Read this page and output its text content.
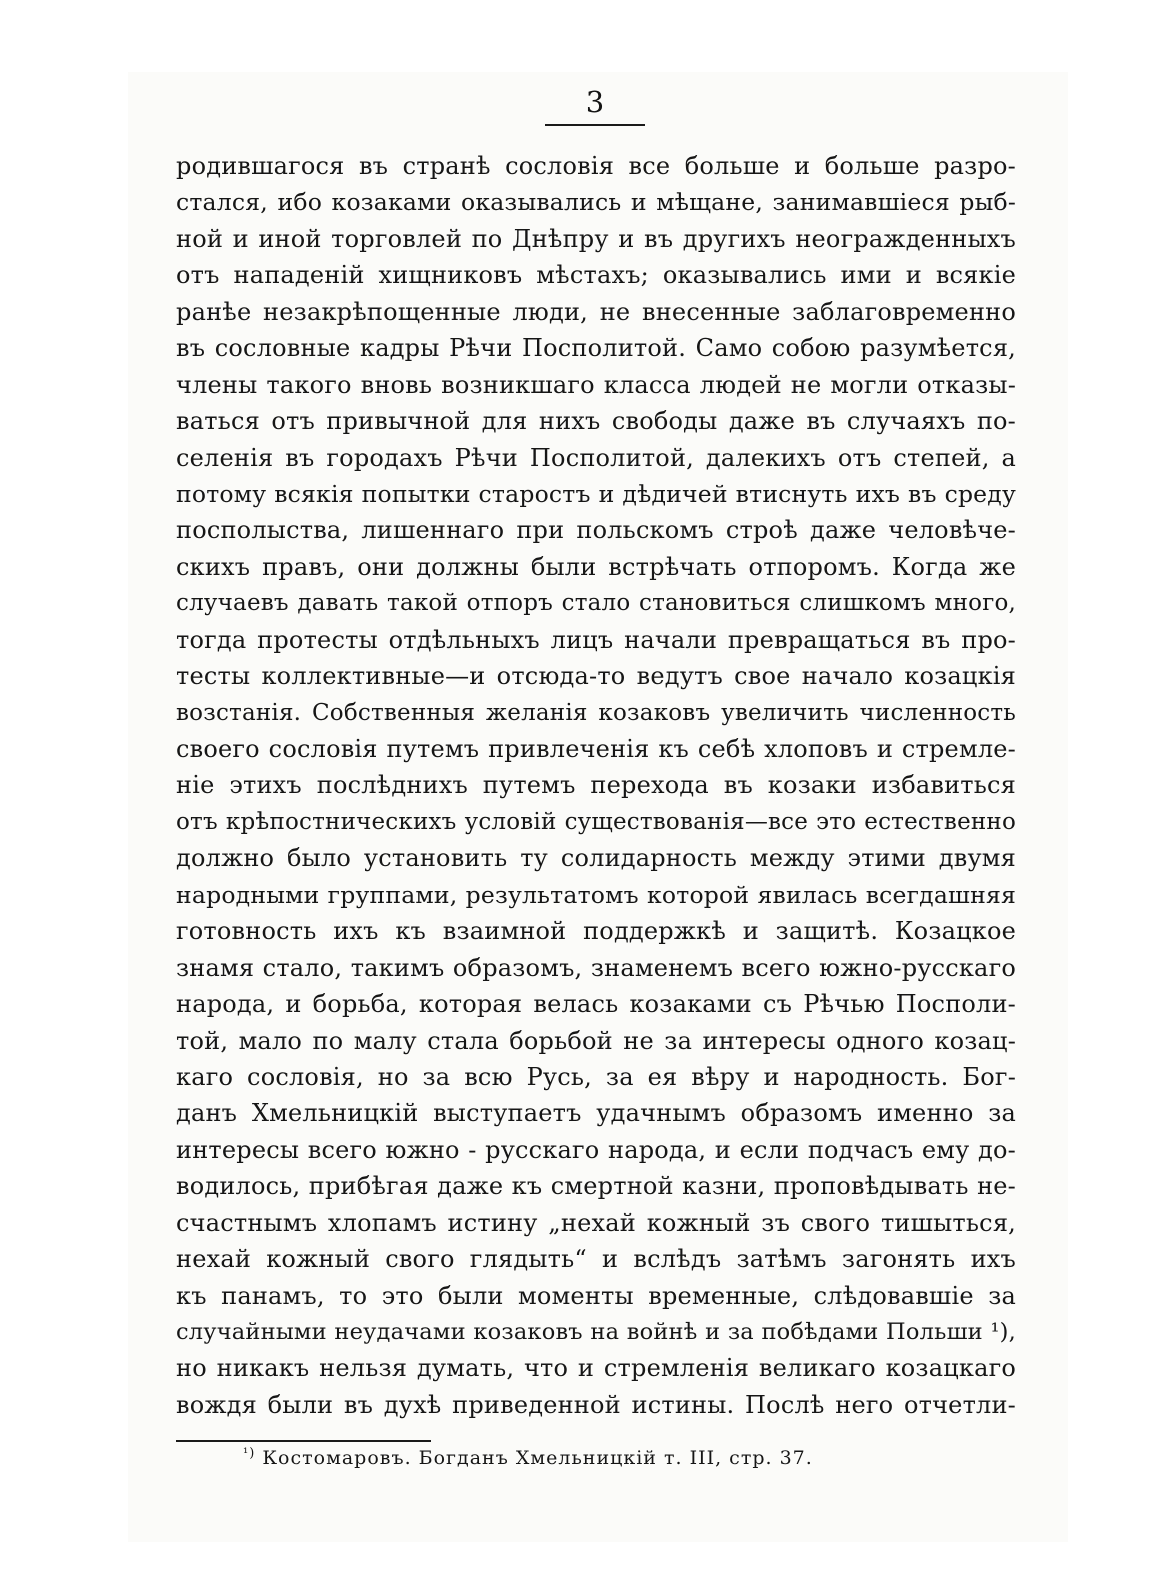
3
родившагося въ странѣ сословія все больше и больше разро-
стался, ибо козаками оказывались и мѣщане, занимавшіеся рыб-
ной и иной торговлей по Днѣпру и въ другихъ неогражденныхъ
отъ нападеній хищниковъ мѣстахъ; оказывались ими и всякіе
ранѣе незакрѣпощенные люди, не внесенные заблаговременно
въ сословные кадры Рѣчи Посполитой. Само собою разумѣется,
члены такого вновь возникшаго класса людей не могли отказы-
ваться отъ привычной для нихъ свободы даже въ случаяхъ по-
селенія въ городахъ Рѣчи Посполитой, далекихъ отъ степей, а
потому всякія попытки старостъ и дѣдичей втиснуть ихъ въ среду
посполыства, лишеннаго при польскомъ строѣ даже человѣче-
скихъ правъ, они должны были встрѣчать отпоромъ. Когда же
случаевъ давать такой отпоръ стало становиться слишкомъ много,
тогда протесты отдѣльныхъ лицъ начали превращаться въ про-
тесты коллективные—и отсюда-то ведутъ свое начало козацкія
возстанія. Собственныя желанія козаковъ увеличить численность
своего сословія путемъ привлеченія къ себѣ хлоповъ и стремле-
ніе этихъ послѣднихъ путемъ перехода въ козаки избавиться
отъ крѣпостническихъ условій существованія—все это естественно
должно было установить ту солидарность между этими двумя
народными группами, результатомъ которой явилась всегдашняя
готовность ихъ къ взаимной поддержкѣ и защитѣ. Козацкое
знамя стало, такимъ образомъ, знаменемъ всего южно-русскаго
народа, и борьба, которая велась козаками съ Рѣчью Посполи-
той, мало по малу стала борьбой не за интересы одного козац-
каго сословія, но за всю Русь, за ея вѣру и народность. Бог-
данъ Хмельницкій выступаетъ удачнымъ образомъ именно за
интересы всего южно - русскаго народа, и если подчасъ ему до-
водилось, прибѣгая даже къ смертной казни, проповѣдывать не-
счастнымъ хлопамъ истину „нехай кожный зъ свого тишыться,
нехай кожный свого глядыть“ и вслѣдъ затѣмъ загонять ихъ
къ панамъ, то это были моменты временные, слѣдовавшіе за
случайными неудачами козаковъ на войнѣ и за побѣдами Польши ¹),
но никакъ нельзя думать, что и стремленія великаго козацкаго
вождя были въ духѣ приведенной истины. Послѣ него отчетли-

$^{^1)}$ Костомаровъ. Богданъ Хмельницкій т. III, стр. 37.
